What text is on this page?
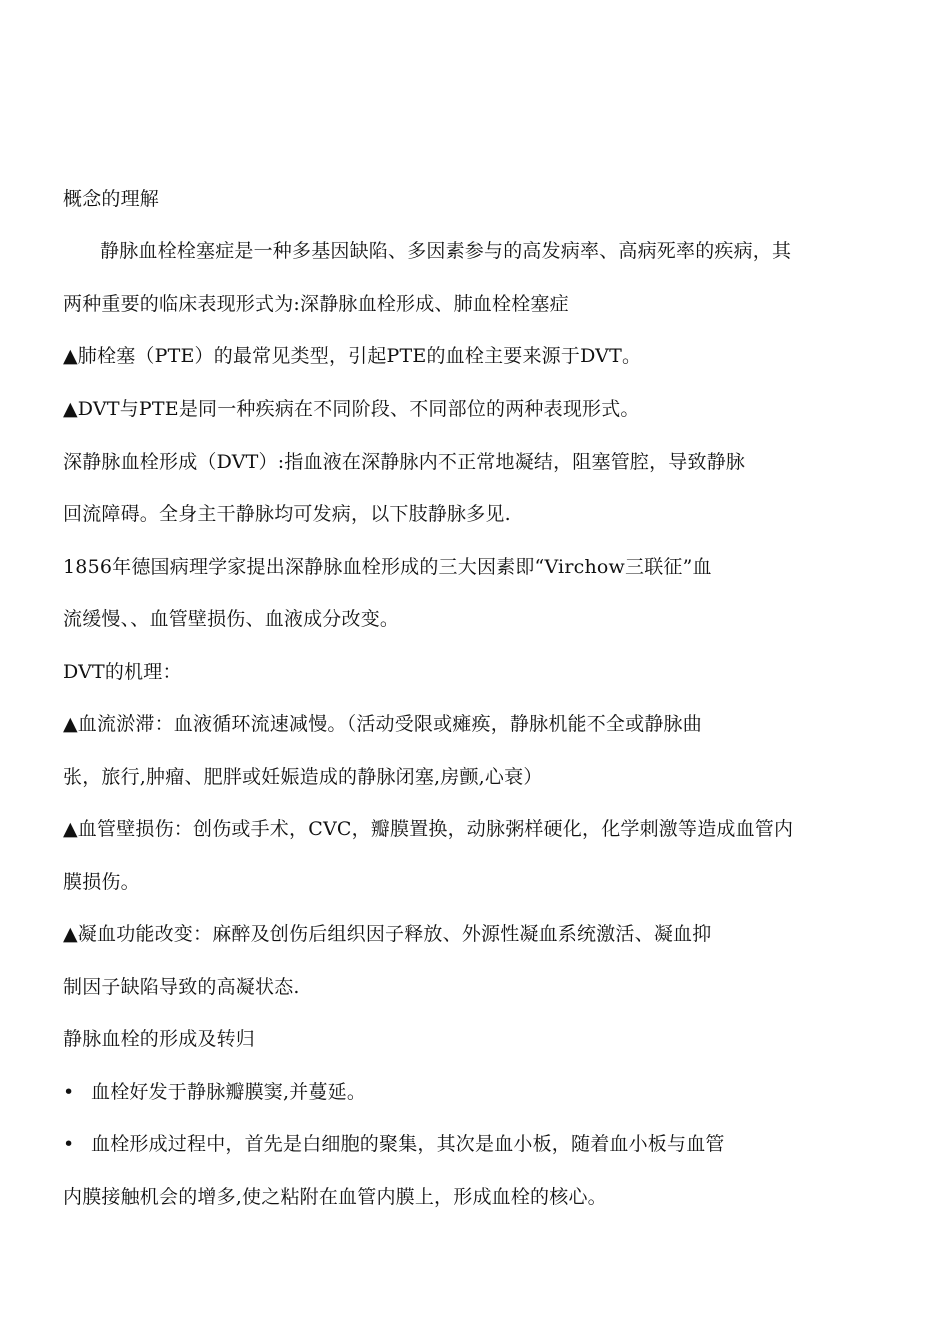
概念的理解
静脉血栓栓塞症是一种多基因缺陷、多因素参与的高发病率、高病死率的疾病，其
两种重要的临床表现形式为:深静脉血栓形成、肺血栓栓塞症
▲肺栓塞（PTE）的最常见类型，引起PTE的血栓主要来源于DVT。
▲DVT与PTE是同一种疾病在不同阶段、不同部位的两种表现形式。
深静脉血栓形成（DVT）:指血液在深静脉内不正常地凝结，阻塞管腔，导致静脉
回流障碍。全身主干静脉均可发病，以下肢静脉多见.
1856年德国病理学家提出深静脉血栓形成的三大因素即“Virchow三联征”血
流缓慢、、血管壁损伤、血液成分改变。
DVT的机理：
▲血流淤滞：血液循环流速减慢。（活动受限或瘫痪，静脉机能不全或静脉曲
张，旅行,肿瘤、肥胖或妊娠造成的静脉闭塞,房颤,心衰）
▲血管壁损伤：创伤或手术，CVC，瓣膜置换，动脉粥样硬化，化学刺激等造成血管内
膜损伤。
▲凝血功能改变：麻醉及创伤后组织因子释放、外源性凝血系统激活、凝血抑
制因子缺陷导致的高凝状态.
静脉血栓的形成及转归
• 血栓好发于静脉瓣膜窦,并蔓延。
• 血栓形成过程中，首先是白细胞的聚集，其次是血小板，随着血小板与血管
内膜接触机会的增多,使之粘附在血管内膜上，形成血栓的核心。
